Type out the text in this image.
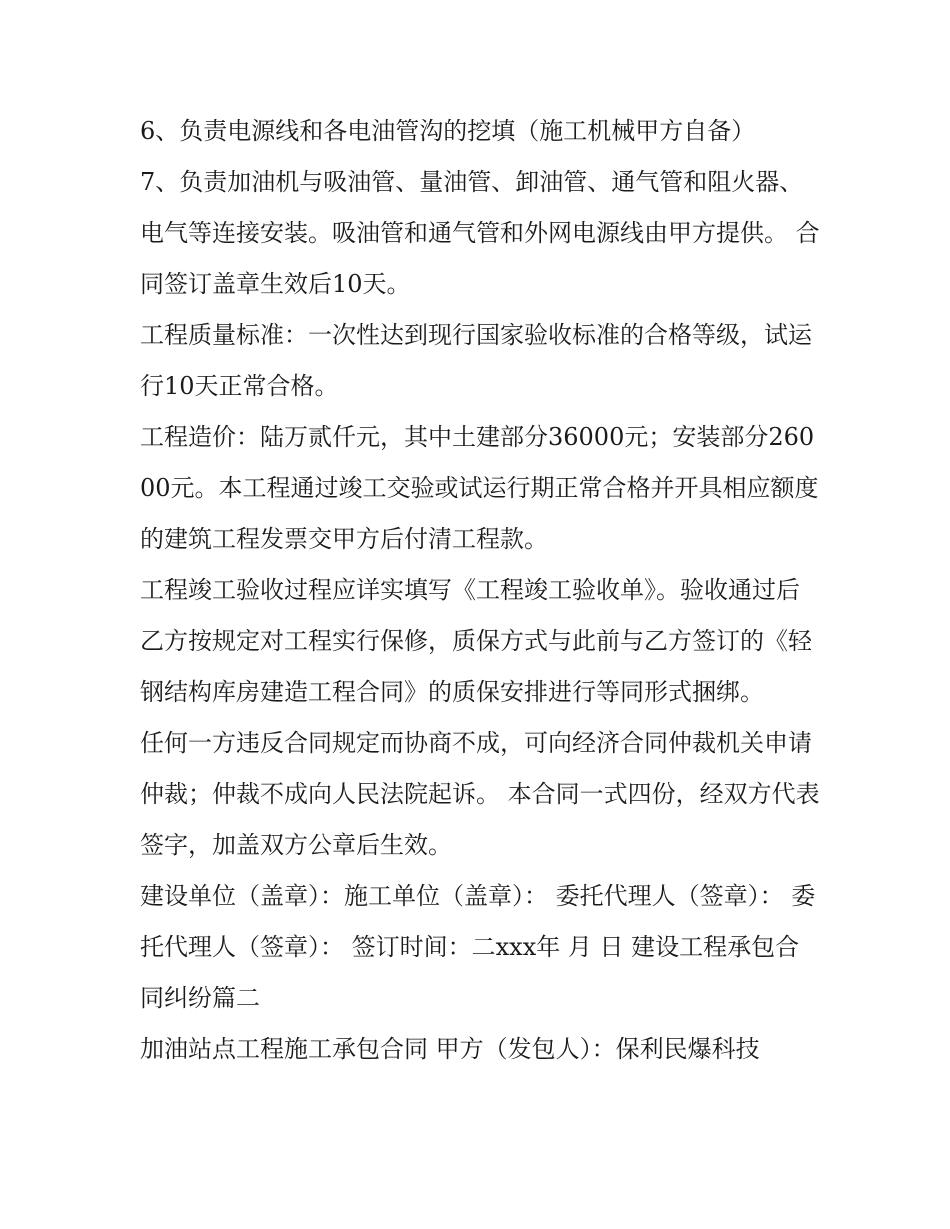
6、负责电源线和各电油管沟的挖填（施工机械甲方自备）

7、负责加油机与吸油管、量油管、卸油管、通气管和阻火器、电气等连接安装。吸油管和通气管和外网电源线由甲方提供。 合同签订盖章生效后10天。

工程质量标准：一次性达到现行国家验收标准的合格等级，试运行10天正常合格。

工程造价：陆万贰仟元，其中土建部分36000元；安装部分26000元。本工程通过竣工交验或试运行期正常合格并开具相应额度的建筑工程发票交甲方后付清工程款。

工程竣工验收过程应详实填写《工程竣工验收单》。验收通过后乙方按规定对工程实行保修，质保方式与此前与乙方签订的《轻钢结构库房建造工程合同》的质保安排进行等同形式捆绑。

任何一方违反合同规定而协商不成，可向经济合同仲裁机关申请仲裁；仲裁不成向人民法院起诉。 本合同一式四份，经双方代表签字，加盖双方公章后生效。

建设单位（盖章）：施工单位（盖章）： 委托代理人（签章）： 委托代理人（签章）： 签订时间：二xxx年 月 日 建设工程承包合同纠纷篇二

加油站点工程施工承包合同 甲方（发包人）：保利民爆科技
